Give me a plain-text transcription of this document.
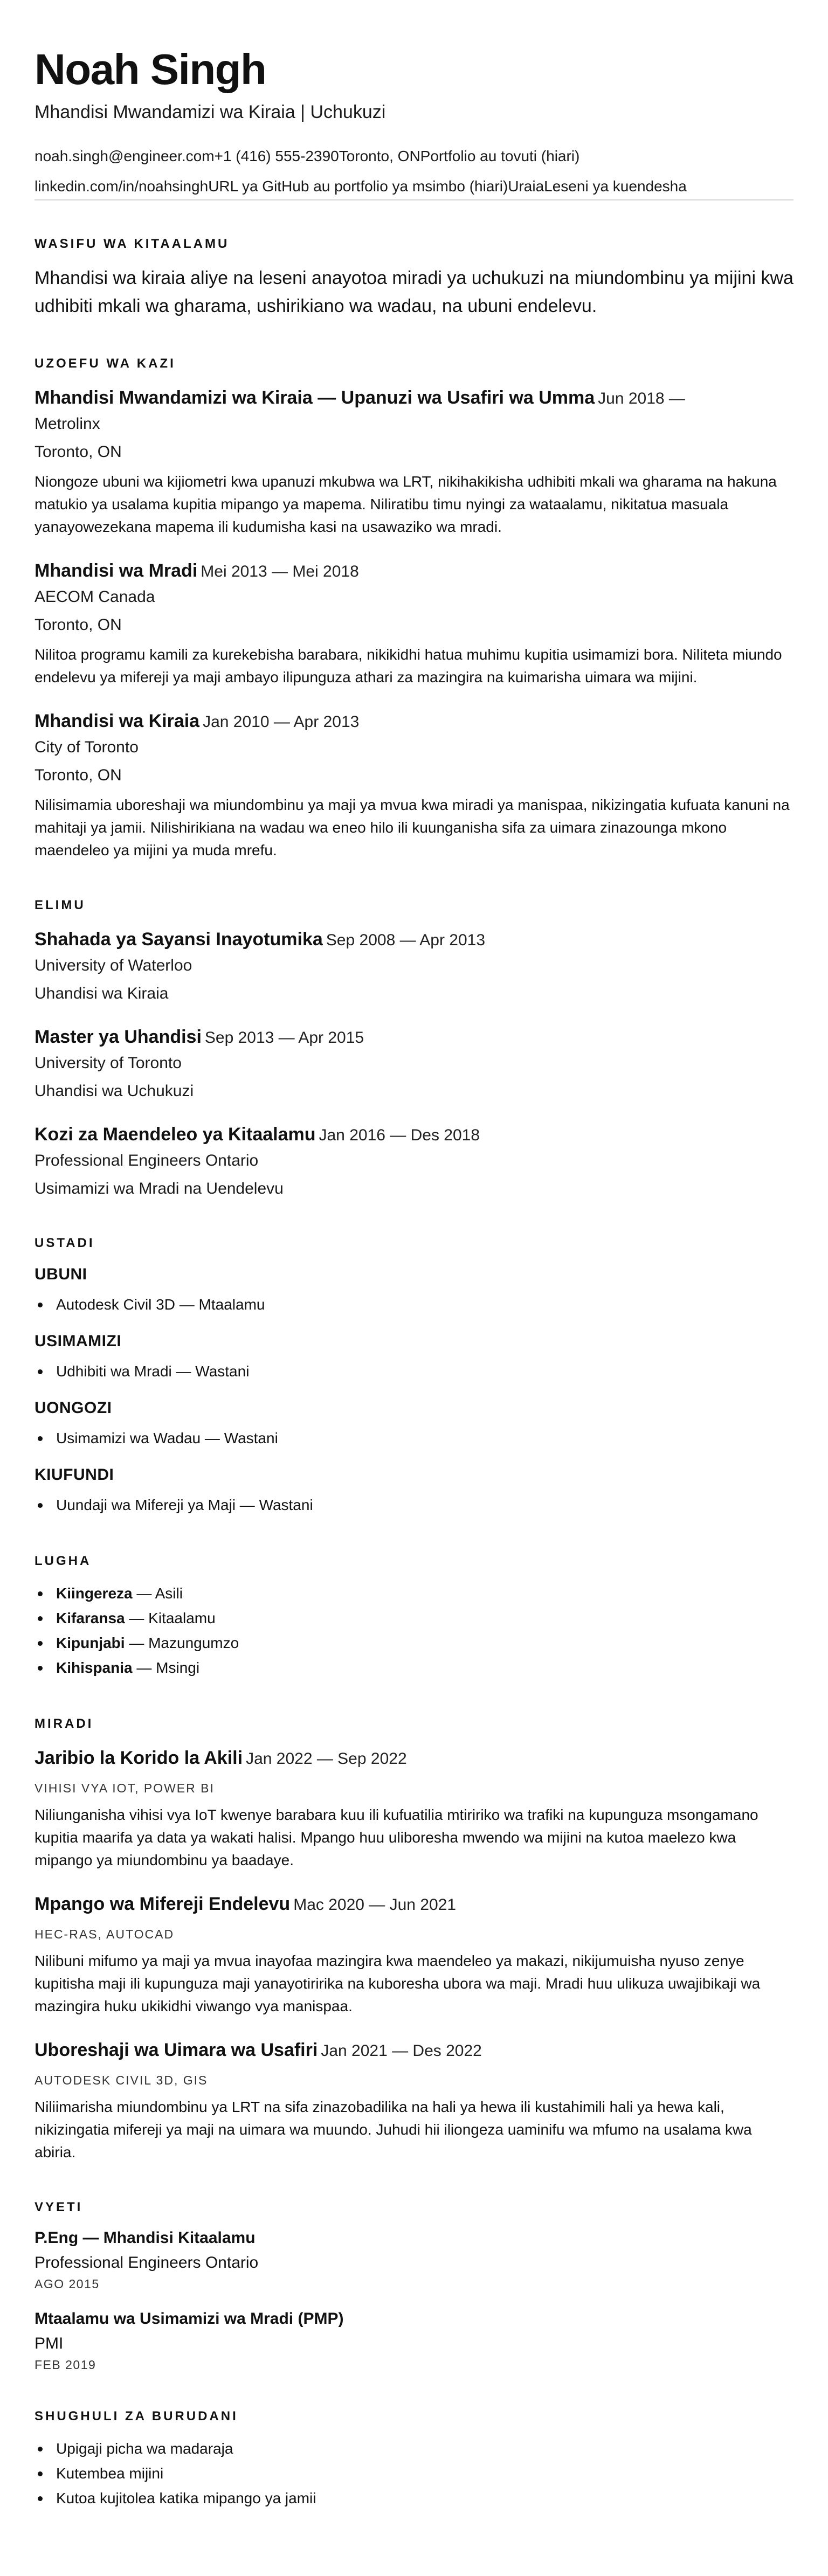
Noah Singh
Mhandisi Mwandamizi wa Kiraia | Uchukuzi
noah.singh@engineer.com+1 (416) 555-2390Toronto, ONPortfolio au tovuti (hiari)
linkedin.com/in/noahsinghURL ya GitHub au portfolio ya msimbo (hiari)UraiaLeseni ya kuendesha
WASIFU WA KITAALAMU

Mhandisi wa kiraia aliye na leseni anayotoa miradi ya uchukuzi na miundombinu ya mijini kwa udhibiti mkali wa gharama, ushirikiano wa wadau, na ubuni endelevu.

UZOEFU WA KAZI
Mhandisi Mwandamizi wa Kiraia — Upanuzi wa Usafiri wa Umma Jun 2018 —
Metrolinx
Toronto, ON

Niongoze ubuni wa kijiometri kwa upanuzi mkubwa wa LRT, nikihakikisha udhibiti mkali wa gharama na hakuna matukio ya usalama kupitia mipango ya mapema. Niliratibu timu nyingi za wataalamu, nikitatua masuala yanayowezekana mapema ili kudumisha kasi na usawaziko wa mradi.

Mhandisi wa Mradi Mei 2013 — Mei 2018
AECOM Canada
Toronto, ON

Nilitoa programu kamili za kurekebisha barabara, nikikidhi hatua muhimu kupitia usimamizi bora. Niliteta miundo endelevu ya mifereji ya maji ambayo ilipunguza athari za mazingira na kuimarisha uimara wa mijini.

Mhandisi wa Kiraia Jan 2010 — Apr 2013
City of Toronto
Toronto, ON

Nilisimamia uboreshaji wa miundombinu ya maji ya mvua kwa miradi ya manispaa, nikizingatia kufuata kanuni na mahitaji ya jamii. Nilishirikiana na wadau wa eneo hilo ili kuunganisha sifa za uimara zinazounga mkono maendeleo ya mijini ya muda mrefu.

ELIMU
Shahada ya Sayansi Inayotumika Sep 2008 — Apr 2013
University of Waterloo
Uhandisi wa Kiraia
Master ya Uhandisi Sep 2013 — Apr 2015
University of Toronto
Uhandisi wa Uchukuzi
Kozi za Maendeleo ya Kitaalamu Jan 2016 — Des 2018
Professional Engineers Ontario
Usimamizi wa Mradi na Uendelevu
USTADI
UBUNI
Autodesk Civil 3D — Mtaalamu
USIMAMIZI
Udhibiti wa Mradi — Wastani
UONGOZI
Usimamizi wa Wadau — Wastani
KIUFUNDI
Uundaji wa Mifereji ya Maji — Wastani
LUGHA
Kiingereza — Asili
Kifaransa — Kitaalamu
Kipunjabi — Mazungumzo
Kihispania — Msingi
MIRADI
Jaribio la Korido la Akili Jan 2022 — Sep 2022
VIHISI VYA IOT, POWER BI

Niliunganisha vihisi vya IoT kwenye barabara kuu ili kufuatilia mtiririko wa trafiki na kupunguza msongamano kupitia maarifa ya data ya wakati halisi. Mpango huu uliboresha mwendo wa mijini na kutoa maelezo kwa mipango ya miundombinu ya baadaye.

Mpango wa Mifereji Endelevu Mac 2020 — Jun 2021
HEC-RAS, AUTOCAD

Nilibuni mifumo ya maji ya mvua inayofaa mazingira kwa maendeleo ya makazi, nikijumuisha nyuso zenye kupitisha maji ili kupunguza maji yanayotiririka na kuboresha ubora wa maji. Mradi huu ulikuza uwajibikaji wa mazingira huku ukikidhi viwango vya manispaa.

Uboreshaji wa Uimara wa Usafiri Jan 2021 — Des 2022
AUTODESK CIVIL 3D, GIS

Niliimarisha miundombinu ya LRT na sifa zinazobadilika na hali ya hewa ili kustahimili hali ya hewa kali, nikizingatia mifereji ya maji na uimara wa muundo. Juhudi hii iliongeza uaminifu wa mfumo na usalama kwa abiria.

VYETI
P.Eng — Mhandisi Kitaalamu
Professional Engineers Ontario
AGO 2015
Mtaalamu wa Usimamizi wa Mradi (PMP)
PMI
FEB 2019
SHUGHULI ZA BURUDANI
Upigaji picha wa madaraja
Kutembea mijini
Kutoa kujitolea katika mipango ya jamii
